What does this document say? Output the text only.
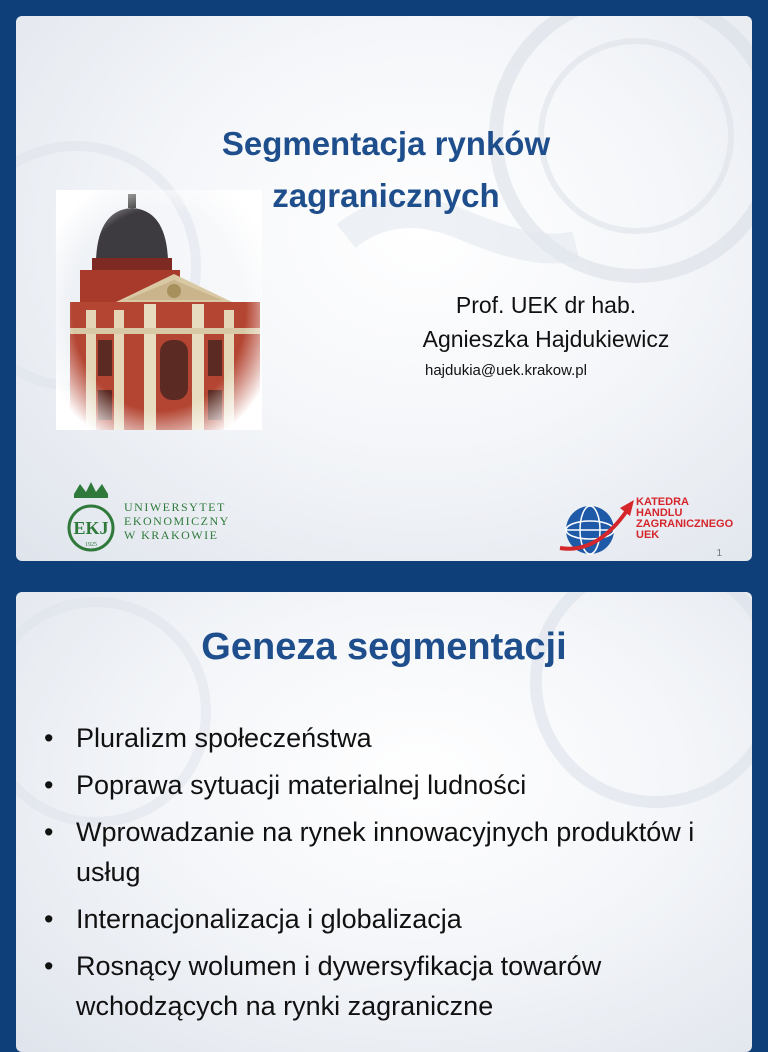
Segmentacja rynków
zagranicznych
Prof. UEK dr hab.
Agnieszka Hajdukiewicz
hajdukia@uek.krakow.pl
EKJ
1925
UNIWERSYTET
EKONOMICZNY
W KRAKOWIE
KATEDRA
HANDLU
ZAGRANICZNEGO
UEK
1
Geneza segmentacji
• Pluralizm społeczeństwa
• Poprawa sytuacji materialnej ludności
• Wprowadzanie na rynek innowacyjnych produktów i usług
• Internacjonalizacja i globalizacja
• Rosnący wolumen i dywersyfikacja towarów wchodzących na rynki zagraniczne
